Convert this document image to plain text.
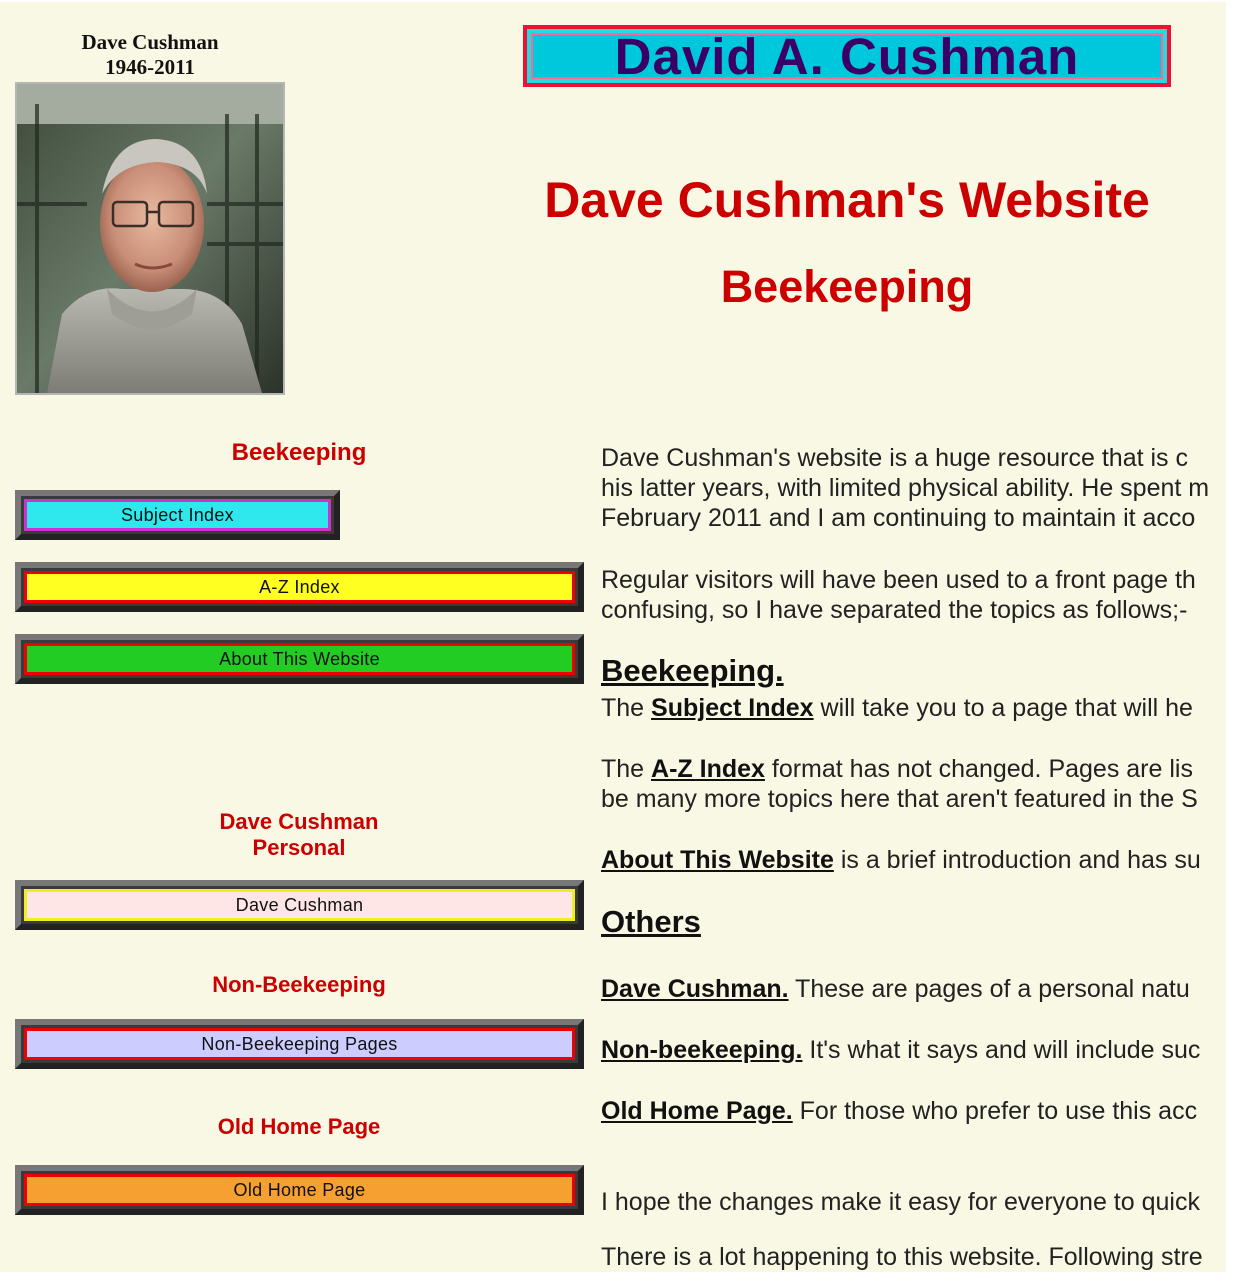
Dave Cushman
1946-2011
Beekeeping
Subject Index
A-Z Index
About This Website
Dave Cushman
Personal
Dave Cushman
Non-Beekeeping
Non-Beekeeping Pages
Old Home Page
Old Home Page
David A. Cushman
Dave Cushman's Website
Beekeeping
Dave Cushman's website is a huge resource that is c
his latter years, with limited physical ability. He spent m
February 2011 and I am continuing to maintain it acco
Regular visitors will have been used to a front page th
confusing, so I have separated the topics as follows;-
Beekeeping.
The Subject Index will take you to a page that will he
The A-Z Index format has not changed. Pages are lis
be many more topics here that aren't featured in the S
About This Website is a brief introduction and has su
Others
Dave Cushman. These are pages of a personal natu
Non-beekeeping. It's what it says and will include suc
Old Home Page. For those who prefer to use this acc
I hope the changes make it easy for everyone to quick
There is a lot happening to this website. Following stre
